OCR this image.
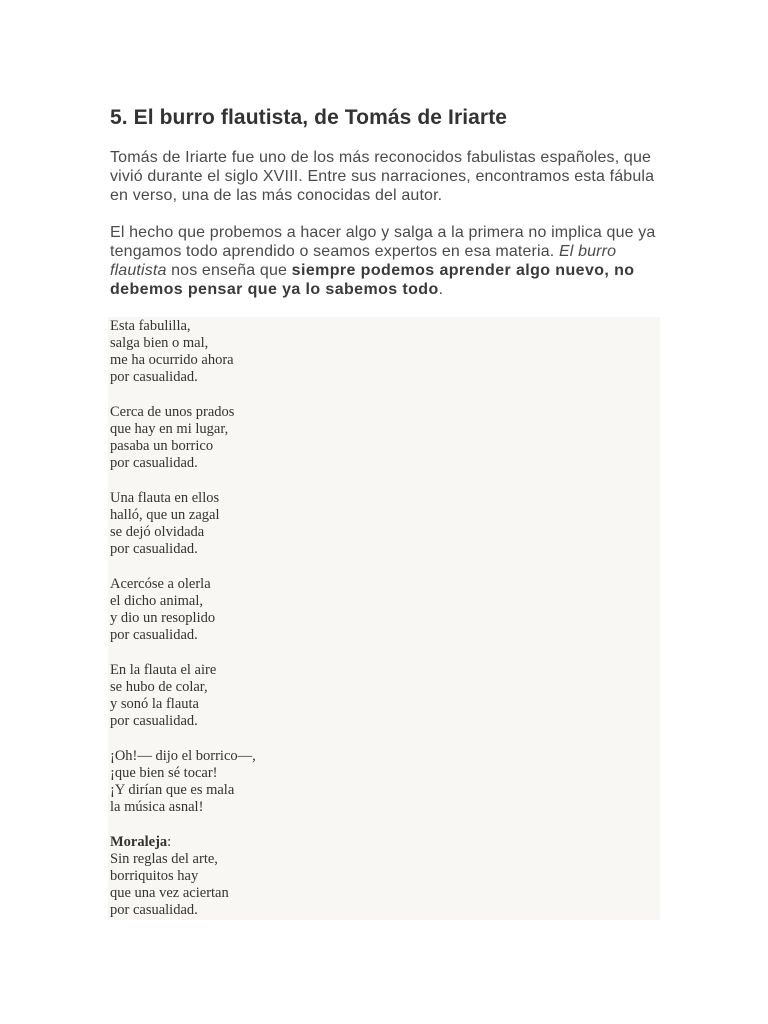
5. El burro flautista, de Tomás de Iriarte

Tomás de Iriarte fue uno de los más reconocidos fabulistas españoles, que vivió durante el siglo XVIII. Entre sus narraciones, encontramos esta fábula en verso, una de las más conocidas del autor.

El hecho que probemos a hacer algo y salga a la primera no implica que ya tengamos todo aprendido o seamos expertos en esa materia. El burro flautista nos enseña que siempre podemos aprender algo nuevo, no debemos pensar que ya lo sabemos todo.

Esta fabulilla,
salga bien o mal,
me ha ocurrido ahora
por casualidad.
Cerca de unos prados
que hay en mi lugar,
pasaba un borrico
por casualidad.
Una flauta en ellos
halló, que un zagal
se dejó olvidada
por casualidad.
Acercóse a olerla
el dicho animal,
y dio un resoplido
por casualidad.
En la flauta el aire
se hubo de colar,
y sonó la flauta
por casualidad.
¡Oh!— dijo el borrico—,
¡que bien sé tocar!
¡Y dirían que es mala
la música asnal!
Moraleja:
Sin reglas del arte,
borriquitos hay
que una vez aciertan
por casualidad.
